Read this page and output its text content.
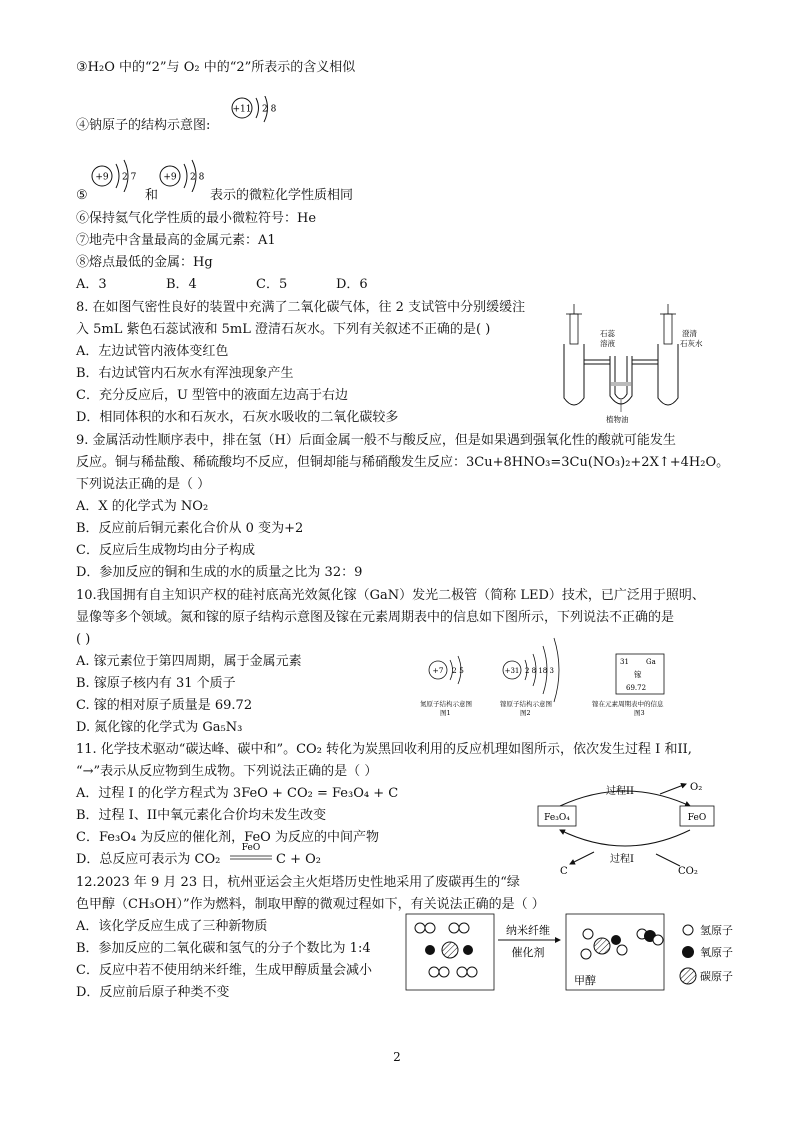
③H₂O 中的“2”与 O₂ 中的“2”所表示的含义相似
④钠原子的结构示意图:
+11 2 8
+9 2 7	+9 2 8
⑤	和	表示的微粒化学性质相同
⑥保持氦气化学性质的最小微粒符号：He
⑦地壳中含量最高的金属元素：A1
⑧熔点最低的金属：Hg
A．3	B．4	C．5	D．6
8. 在如图气密性良好的装置中充满了二氧化碳气体，往 2 支试管中分别缓缓注
入 5mL 紫色石蕊试液和 5mL 澄清石灰水。下列有关叙述不正确的是( )
A．左边试管内液体变红色
B．右边试管内石灰水有浑浊现象产生
C．充分反应后，U 型管中的液面左边高于右边
D．相同体积的水和石灰水，石灰水吸收的二氧化碳较多
石蕊
溶液
澄清
石灰水
植物油
9. 金属活动性顺序表中，排在氢（H）后面金属一般不与酸反应，但是如果遇到强氧化性的酸就可能发生
反应。铜与稀盐酸、稀硫酸均不反应，但铜却能与稀硝酸发生反应：3Cu+8HNO₃=3Cu(NO₃)₂+2X↑+4H₂O。
下列说法正确的是（ ）
A．X 的化学式为 NO₂
B．反应前后铜元素化合价从 0 变为+2
C．反应后生成物均由分子构成
D．参加反应的铜和生成的水的质量之比为 32：9
10.我国拥有自主知识产权的硅衬底高光效氮化镓（GaN）发光二极管（简称 LED）技术，已广泛用于照明、
显像等多个领域。氮和镓的原子结构示意图及镓在元素周期表中的信息如下图所示，下列说法不正确的是
( )
A. 镓元素位于第四周期，属于金属元素
B. 镓原子核内有 31 个质子
C. 镓的相对原子质量是 69.72
D. 氮化镓的化学式为 Ga₅N₃
+7 2 5
氮原子结构示意图
图1
+31 2 8 18 3
镓原子结构示意图
图2
31 Ga
镓
69.72
镓在元素周期表中的信息
图3
11. 化学技术驱动“碳达峰、碳中和”。CO₂ 转化为炭黑回收利用的反应机理如图所示，依次发生过程 I 和II,
“→”表示从反应物到生成物。下列说法正确的是（ ）
A．过程 I 的化学方程式为 3FeO + CO₂ = Fe₃O₄ + C
B．过程 I、II中氧元素化合价均未发生改变
C．Fe₃O₄ 为反应的催化剂，FeO 为反应的中间产物
D．总反应可表示为 CO₂
FeO
C + O₂
Fe₃O₄	FeO
过程II
过程I
O₂
CO₂
C
12.2023 年 9 月 23 日，杭州亚运会主火炬塔历史性地采用了废碳再生的“绿
色甲醇（CH₃OH）”作为燃料，制取甲醇的微观过程如下，有关说法正确的是（ ）
A．该化学反应生成了三种新物质
B．参加反应的二氧化碳和氢气的分子个数比为 1:4
C．反应中若不使用纳米纤维，生成甲醇质量会减小
D．反应前后原子种类不变
纳米纤维
催化剂
甲醇
氢原子
氧原子
碳原子
2
